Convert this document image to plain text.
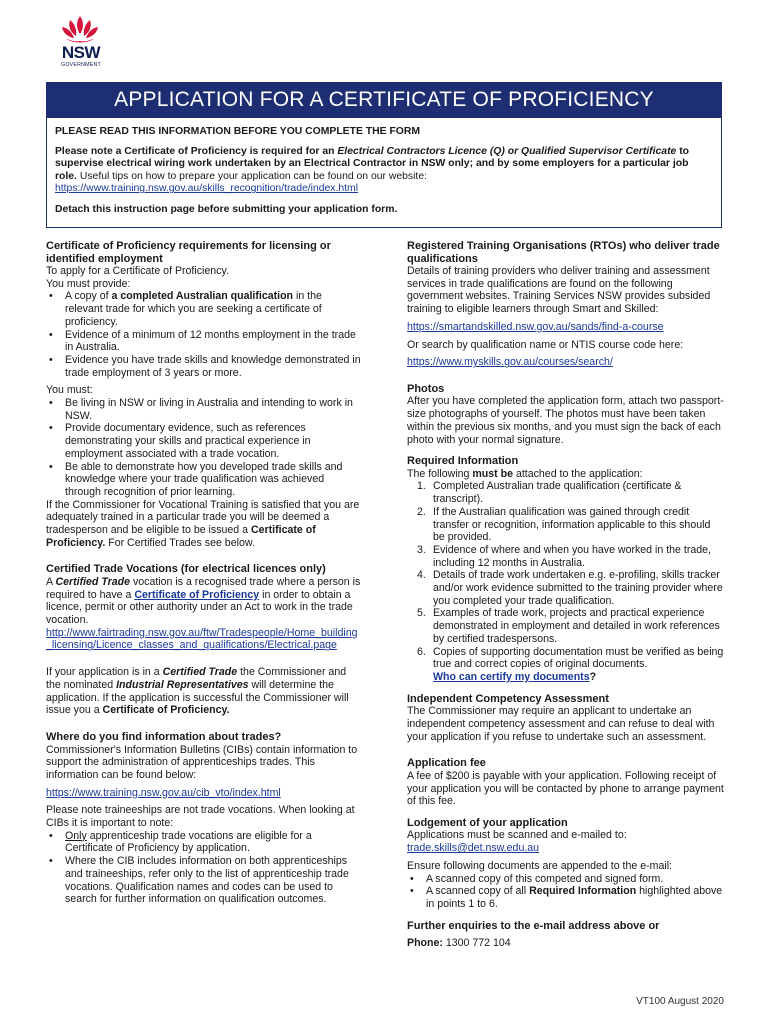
NSW
GOVERNMENT
APPLICATION FOR A CERTIFICATE OF PROFICIENCY
PLEASE READ THIS INFORMATION BEFORE YOU COMPLETE THE FORM
Please note a Certificate of Proficiency is required for an Electrical Contractors Licence (Q) or Qualified Supervisor Certificate to supervise electrical wiring work undertaken by an Electrical Contractor in NSW only; and by some employers for a particular job role. Useful tips on how to prepare your application can be found on our website:
https://www.training.nsw.gov.au/skills_recognition/trade/index.html
Detach this instruction page before submitting your application form.
Certificate of Proficiency requirements for licensing or identified employment
To apply for a Certificate of Proficiency.
You must provide:
• A copy of a completed Australian qualification in the relevant trade for which you are seeking a certificate of proficiency.
• Evidence of a minimum of 12 months employment in the trade in Australia.
• Evidence you have trade skills and knowledge demonstrated in trade employment of 3 years or more.
You must:
• Be living in NSW or living in Australia and intending to work in NSW.
• Provide documentary evidence, such as references demonstrating your skills and practical experience in employment associated with a trade vocation.
• Be able to demonstrate how you developed trade skills and knowledge where your trade qualification was achieved through recognition of prior learning.
If the Commissioner for Vocational Training is satisfied that you are adequately trained in a particular trade you will be deemed a tradesperson and be eligible to be issued a Certificate of Proficiency. For Certified Trades see below.
Certified Trade Vocations (for electrical licences only)
A Certified Trade vocation is a recognised trade where a person is required to have a Certificate of Proficiency in order to obtain a licence, permit or other authority under an Act to work in the trade vocation.
http://www.fairtrading.nsw.gov.au/ftw/Tradespeople/Home_building_licensing/Licence_classes_and_qualifications/Electrical.page
If your application is in a Certified Trade the Commissioner and the nominated Industrial Representatives will determine the application. If the application is successful the Commissioner will issue you a Certificate of Proficiency.
Where do you find information about trades?
Commissioner's Information Bulletins (CIBs) contain information to support the administration of apprenticeships trades. This information can be found below:
https://www.training.nsw.gov.au/cib_vto/index.html
Please note traineeships are not trade vocations. When looking at CIBs it is important to note:
• Only apprenticeship trade vocations are eligible for a Certificate of Proficiency by application.
• Where the CIB includes information on both apprenticeships and traineeships, refer only to the list of apprenticeship trade vocations. Qualification names and codes can be used to search for further information on qualification outcomes.
Registered Training Organisations (RTOs) who deliver trade qualifications
Details of training providers who deliver training and assessment services in trade qualifications are found on the following government websites. Training Services NSW provides subsided training to eligible learners through Smart and Skilled:
https://smartandskilled.nsw.gov.au/sands/find-a-course
Or search by qualification name or NTIS course code here:
https://www.myskills.gov.au/courses/search/
Photos
After you have completed the application form, attach two passport-size photographs of yourself. The photos must have been taken within the previous six months, and you must sign the back of each photo with your normal signature.
Required Information
The following must be attached to the application:
1. Completed Australian trade qualification (certificate & transcript).
2. If the Australian qualification was gained through credit transfer or recognition, information applicable to this should be provided.
3. Evidence of where and when you have worked in the trade, including 12 months in Australia.
4. Details of trade work undertaken e.g. e-profiling, skills tracker and/or work evidence submitted to the training provider where you completed your trade qualification.
5. Examples of trade work, projects and practical experience demonstrated in employment and detailed in work references by certified tradespersons.
6. Copies of supporting documentation must be verified as being true and correct copies of original documents.
Who can certify my documents?
Independent Competency Assessment
The Commissioner may require an applicant to undertake an independent competency assessment and can refuse to deal with your application if you refuse to undertake such an assessment.
Application fee
A fee of $200 is payable with your application. Following receipt of your application you will be contacted by phone to arrange payment of this fee.
Lodgement of your application
Applications must be scanned and e-mailed to:
trade.skills@det.nsw.edu.au
Ensure following documents are appended to the e-mail:
• A scanned copy of this competed and signed form.
• A scanned copy of all Required Information highlighted above in points 1 to 6.
Further enquiries to the e-mail address above or
Phone: 1300 772 104
VT100 August 2020
